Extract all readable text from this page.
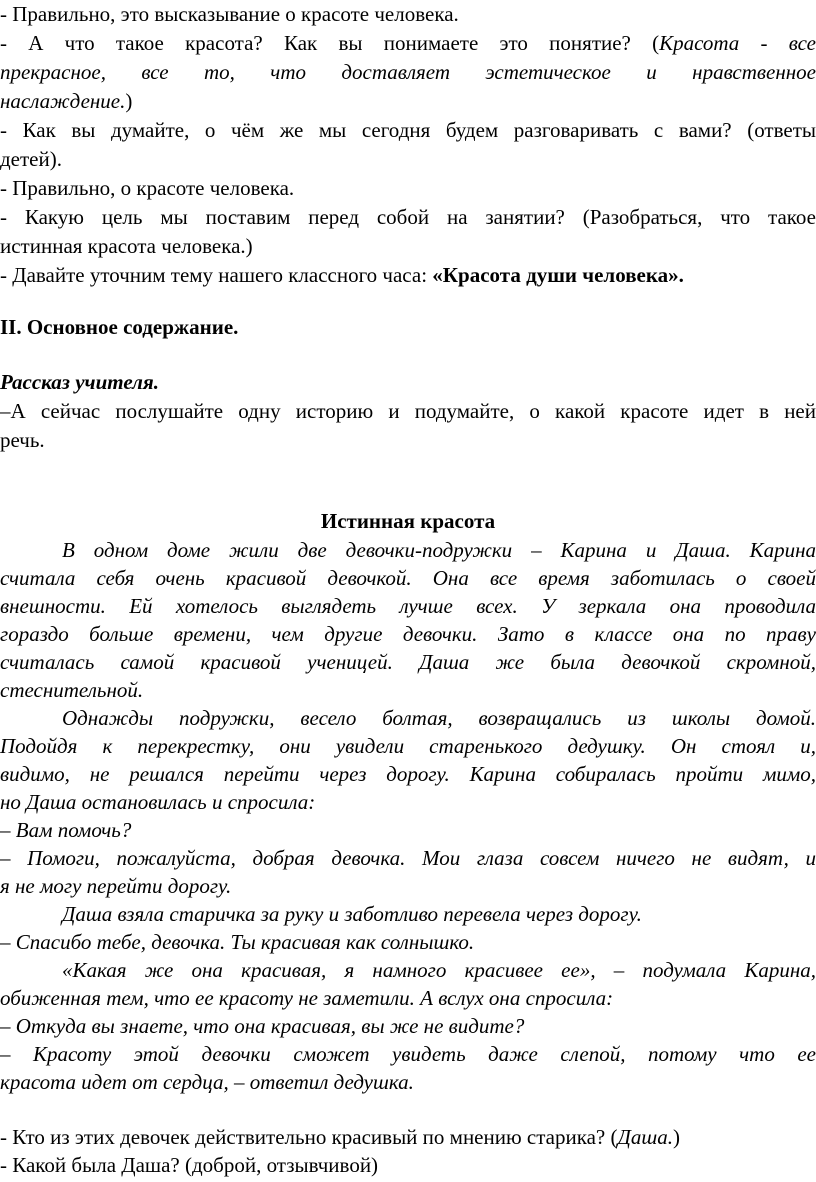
- Правильно, это высказывание о красоте человека.
- А что такое красота? Как вы понимаете это понятие? (Красота - все
прекрасное, все то, что доставляет эстетическое и нравственное
наслаждение.)
- Как вы думайте, о чём же мы сегодня будем разговаривать с вами? (ответы
детей).
- Правильно, о красоте человека.
- Какую цель мы поставим перед собой на занятии? (Разобраться, что такое
истинная красота человека.)
- Давайте уточним тему нашего классного часа: «Красота души человека».
II. Основное содержание.
Рассказ учителя.
–А сейчас послушайте одну историю и подумайте, о какой красоте идет в ней
речь.
Истинная красота
В одном доме жили две девочки-подружки – Карина и Даша. Карина
считала себя очень красивой девочкой. Она все время заботилась о своей
внешности. Ей хотелось выглядеть лучше всех. У зеркала она проводила
гораздо больше времени, чем другие девочки. Зато в классе она по праву
считалась самой красивой ученицей. Даша же была девочкой скромной,
стеснительной.
Однажды подружки, весело болтая, возвращались из школы домой.
Подойдя к перекрестку, они увидели старенького дедушку. Он стоял и,
видимо, не решался перейти через дорогу. Карина собиралась пройти мимо,
но Даша остановилась и спросила:
– Вам помочь?
– Помоги, пожалуйста, добрая девочка. Мои глаза совсем ничего не видят, и
я не могу перейти дорогу.
Даша взяла старичка за руку и заботливо перевела через дорогу.
– Спасибо тебе, девочка. Ты красивая как солнышко.
«Какая же она красивая, я намного красивее ее», – подумала Карина,
обиженная тем, что ее красоту не заметили. А вслух она спросила:
– Откуда вы знаете, что она красивая, вы же не видите?
– Красоту этой девочки сможет увидеть даже слепой, потому что ее
красота идет от сердца, – ответил дедушка.
- Кто из этих девочек действительно красивый по мнению старика? (Даша.)
- Какой была Даша? (доброй, отзывчивой)
